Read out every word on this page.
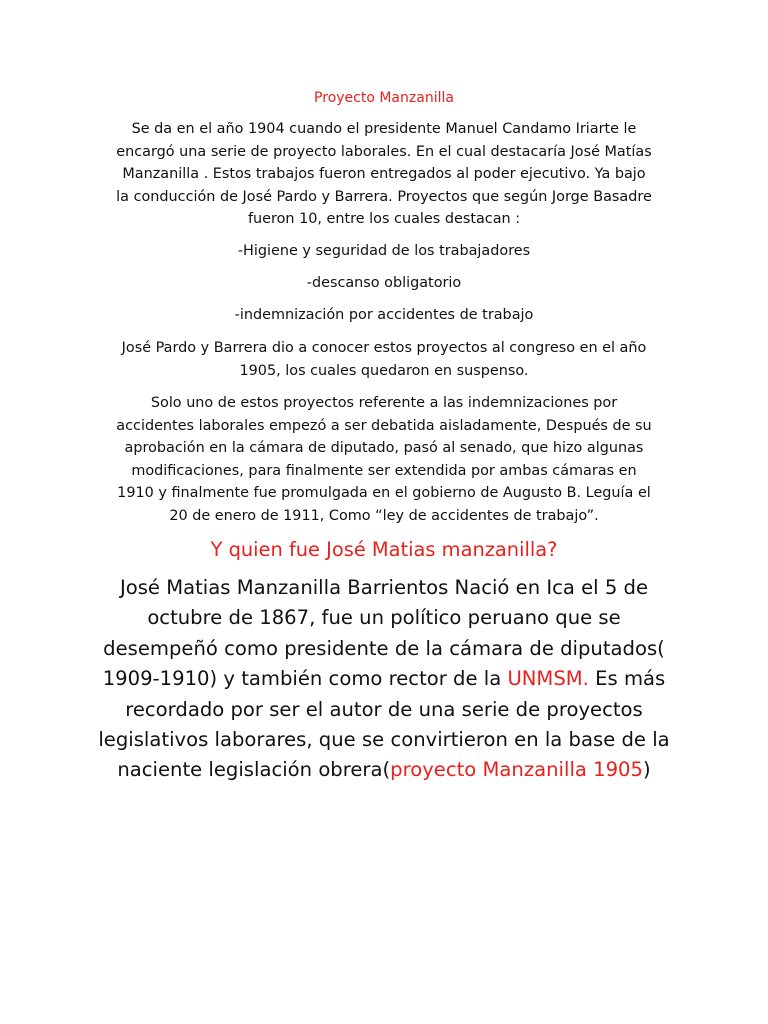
Proyecto Manzanilla

Se da en el año 1904 cuando el presidente Manuel Candamo Iriarte le
encargó una serie de proyecto laborales. En el cual destacaría José Matías
Manzanilla . Estos trabajos fueron entregados al poder ejecutivo. Ya bajo
la conducción de José Pardo y Barrera. Proyectos que según Jorge Basadre
fueron 10, entre los cuales destacan :

-Higiene y seguridad de los trabajadores

-descanso obligatorio

-indemnización por accidentes de trabajo

José Pardo y Barrera dio a conocer estos proyectos al congreso en el año
1905, los cuales quedaron en suspenso.

Solo uno de estos proyectos referente a las indemnizaciones por
accidentes laborales empezó a ser debatida aisladamente, Después de su
aprobación en la cámara de diputado, pasó al senado, que hizo algunas
modificaciones, para finalmente ser extendida por ambas cámaras en
1910 y finalmente fue promulgada en el gobierno de Augusto B. Leguía el
20 de enero de 1911, Como “ley de accidentes de trabajo”.

Y quien fue José Matias manzanilla?

José Matias Manzanilla Barrientos Nació en Ica el 5 de
octubre de 1867, fue un político peruano que se
desempeñó como presidente de la cámara de diputados(
1909-1910) y también como rector de la UNMSM. Es más
recordado por ser el autor de una serie de proyectos
legislativos laborares, que se convirtieron en la base de la
naciente legislación obrera(proyecto Manzanilla 1905)
